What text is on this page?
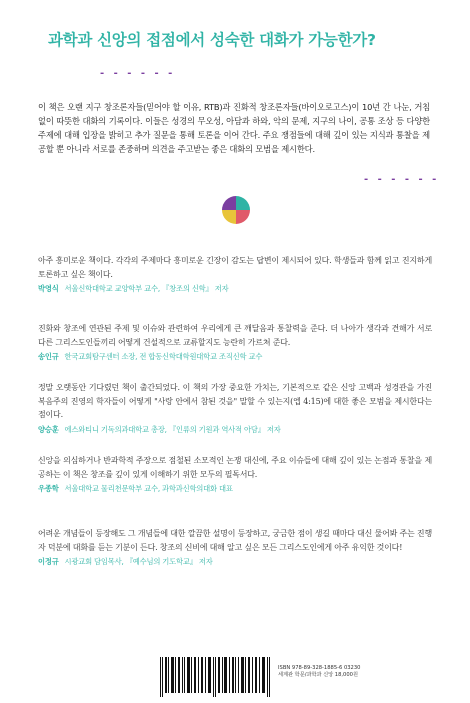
과학과 신앙의 접점에서 성숙한 대화가 가능한가?
- - - - - -
이 책은 오랜 지구 창조론자들(믿어야 할 이유, RTB)과 진화적 창조론자들(바이오로고스)이 10년 간 나눈, 거침없이 따뜻한 대화의 기록이다. 이들은 성경의 무오성, 아담과 하와, 악의 문제, 지구의 나이, 공통 조상 등 다양한 주제에 대해 입장을 밝히고 추가 질문을 통해 토론을 이어 간다. 주요 쟁점들에 대해 깊이 있는 지식과 통찰을 제공할 뿐 아니라 서로를 존중하며 의견을 주고받는 좋은 대화의 모범을 제시한다.
- - - - - -
아주 흥미로운 책이다. 각각의 주제마다 흥미로운 긴장이 감도는 답변이 제시되어 있다. 학생들과 함께 읽고 진지하게 토론하고 싶은 책이다.
박영식 서울신학대학교 교양학부 교수, 『창조의 신학』 저자
진화와 창조에 연관된 주제 및 이슈와 관련하여 우리에게 큰 깨달음과 통찰력을 준다. 더 나아가 생각과 견해가 서로 다른 그리스도인들끼리 어떻게 건설적으로 교류할지도 능란히 가르쳐 준다.
송인규 한국교회탐구센터 소장, 전 합동신학대학원대학교 조직신학 교수
정말 오랫동안 기다렸던 책이 출간되었다. 이 책의 가장 중요한 가치는, 기본적으로 같은 신앙 고백과 성경관을 가진 복음주의 진영의 학자들이 어떻게 "사랑 안에서 참된 것을" 말할 수 있는지(엡 4:15)에 대한 좋은 모범을 제시한다는 점이다.
양승훈 에스와티니 기독의과대학교 총장, 『인류의 기원과 역사적 아담』 저자
신앙을 의심하거나 반과학적 주장으로 점철된 소모적인 논쟁 대신에, 주요 이슈들에 대해 깊이 있는 논점과 통찰을 제공하는 이 책은 창조를 깊이 있게 이해하기 위한 모두의 필독서다.
우종학 서울대학교 물리천문학부 교수, 과학과신학의대화 대표
어려운 개념들이 등장해도 그 개념들에 대한 깔끔한 설명이 등장하고, 궁금한 점이 생길 때마다 대신 물어봐 주는 진행자 덕분에 대화를 듣는 기분이 든다. 창조의 신비에 대해 알고 싶은 모든 그리스도인에게 아주 유익한 것이다!
이정규 시광교회 담임목사, 『예수님의 기도학교』 저자
ISBN 978-89-328-1885-6 03230
세계관 학문/과학과 신앙 18,000원
